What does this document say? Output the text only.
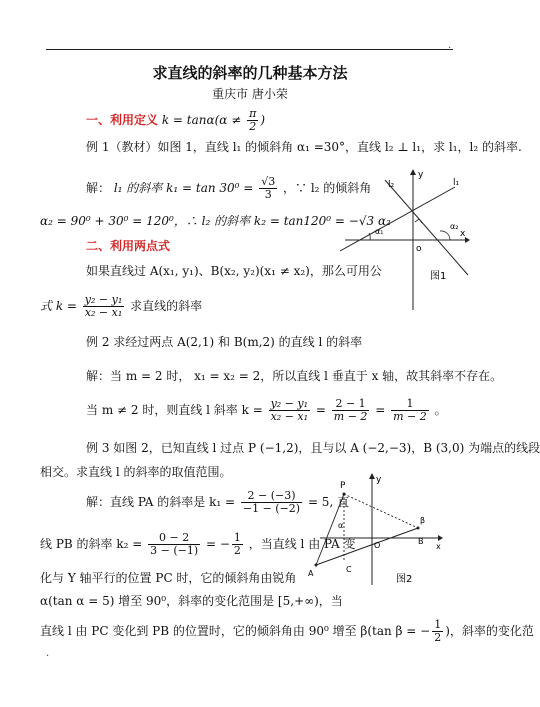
.
求直线的斜率的几种基本方法
重庆市 唐小荣
一、利用定义 $k = \tan\alpha(\alpha \ne \frac{\pi}{2}$ )
例 1（教材）如图 1，直线 l₁ 的倾斜角 α₁ =30°，直线 l₂ ⊥ l₁，求 l₁，l₂ 的斜率.
解： l₁ 的斜率 $k_1 = \tan 30^0 = \frac{√3}{3}$ ，∵ l₂ 的倾斜角
α₂ = 90⁰ + 30⁰ = 120⁰，∴ l₂ 的斜率 k₂ = tan120⁰ = −√3 α₂
二、利用两点式
如果直线过 A(x₁, y₁)、B(x₂, y₂)(x₁ ≠ x₂)，那么可用公
式 $k = \frac{\text{y₂ − y₁}}{\text{x₂ − x₁}}$ 求直线的斜率
例 2 求经过两点 A(2,1) 和 B(m,2) 的直线 l 的斜率
解：当 m = 2 时， x₁ = x₂ = 2，所以直线 l 垂直于 x 轴，故其斜率不存在。
当 m ≠ 2 时，则直线 l 斜率 $k = \frac{\text{y₂ − y₁}}{\text{x₂ − x₁}} = \frac{2 - 1}{m - 2} = \frac{1}{m - 2}$ 。
例 3 如图 2，已知直线 l 过点 P (−1,2)，且与以 A (−2,−3)，B (3,0) 为端点的线段
相交。求直线 l 的斜率的取值范围。
解：直线 PA 的斜率是 $k_1 = \frac{2 - (-3)}{-1 - (-2)} = 5$, 直
线 PB 的斜率 $k_2 = \frac{0 - 2}{3 - (-1)}$ = − $\frac{1}{2}$ ，当直线 l 由 PA 变
化与 Y 轴平行的位置 PC 时，它的倾斜角由锐角
α(tan α = 5) 增至 90⁰，斜率的变化范围是 [5,+∞)，当
直线 l 由 PC 变化到 PB 的位置时，它的倾斜角由 90⁰ 增至 β(tan β = − $\frac{1}{2}$ )，斜率的变化范
.
l₂
y
l₁
x
α₁
α₂
o
图1
P
y
α
β
O	B
x
A	C
图2
